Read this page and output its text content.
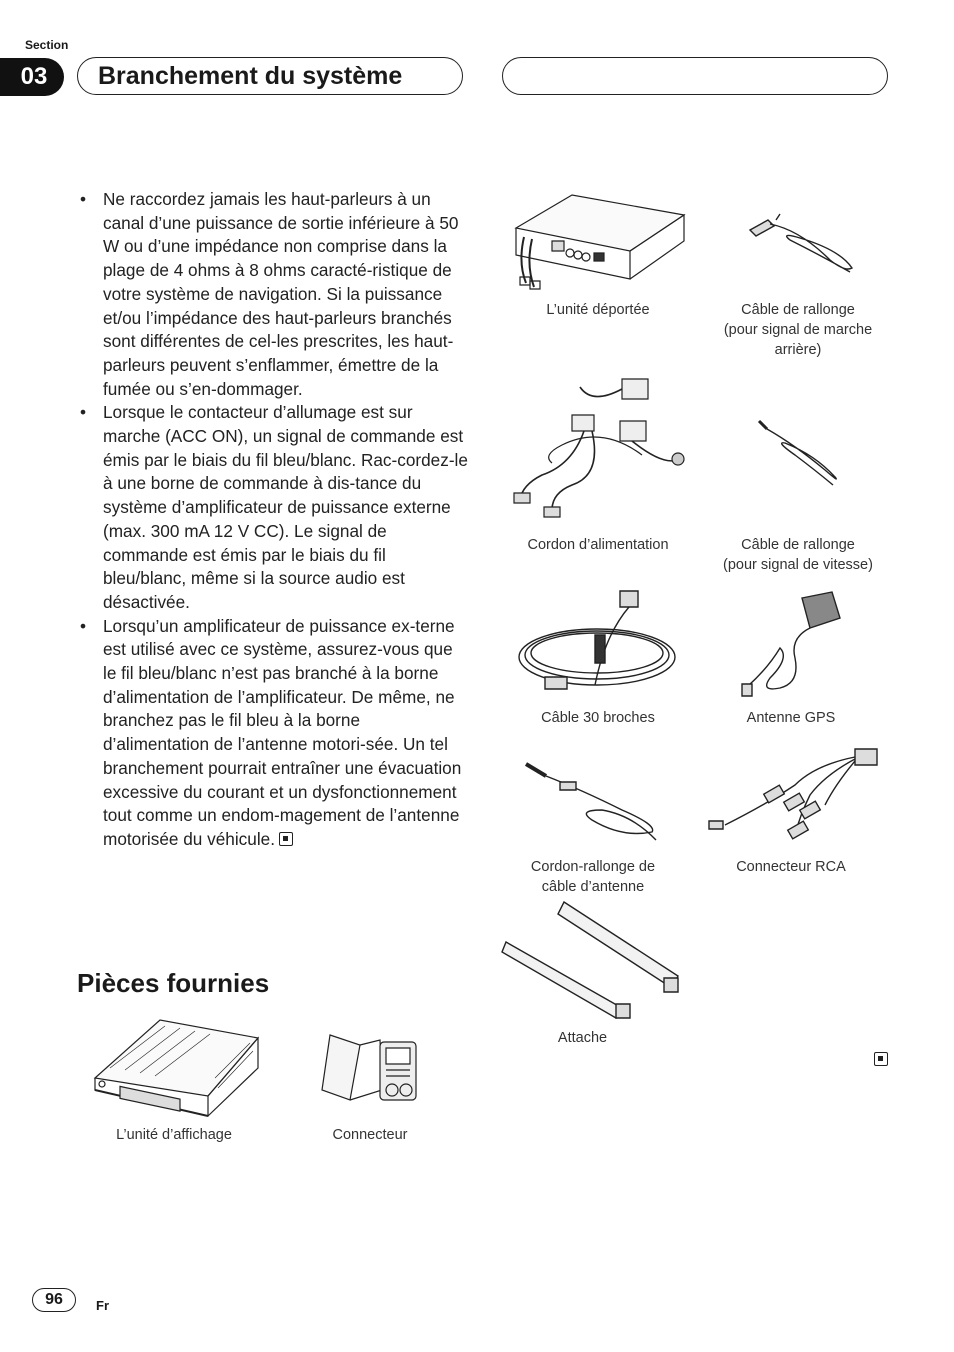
Section
03	Branchement du système
• Ne raccordez jamais les haut-parleurs à un canal d’une puissance de sortie inférieure à 50 W ou d’une impédance non comprise dans la plage de 4 ohms à 8 ohms caracté-ristique de votre système de navigation. Si la puissance et/ou l’impédance des haut-parleurs branchés sont différentes de cel-les prescrites, les haut-parleurs peuvent s’enflammer, émettre de la fumée ou s’en-dommager.
• Lorsque le contacteur d’allumage est sur marche (ACC ON), un signal de commande est émis par le biais du fil bleu/blanc. Rac-cordez-le à une borne de commande à dis-tance du système d’amplificateur de puissance externe (max. 300 mA 12 V CC). Le signal de commande est émis par le biais du fil bleu/blanc, même si la source audio est désactivée.
• Lorsqu’un amplificateur de puissance ex-terne est utilisé avec ce système, assurez-vous que le fil bleu/blanc n’est pas branché à la borne d’alimentation de l’amplificateur. De même, ne branchez pas le fil bleu à la borne d’alimentation de l’antenne motori-sée. Un tel branchement pourrait entraîner une évacuation excessive du courant et un dysfonctionnement tout comme un endom-magement de l’antenne motorisée du véhicule.
Pièces fournies
L’unité d’affichage	Connecteur
L’unité déportée	Câble de rallonge
(pour signal de marche
arrière)
Cordon d’alimentation	Câble de rallonge
(pour signal de vitesse)
Câble 30 broches	Antenne GPS
Cordon-rallonge de
câble d’antenne
Connecteur RCA
Attache
96	Fr
